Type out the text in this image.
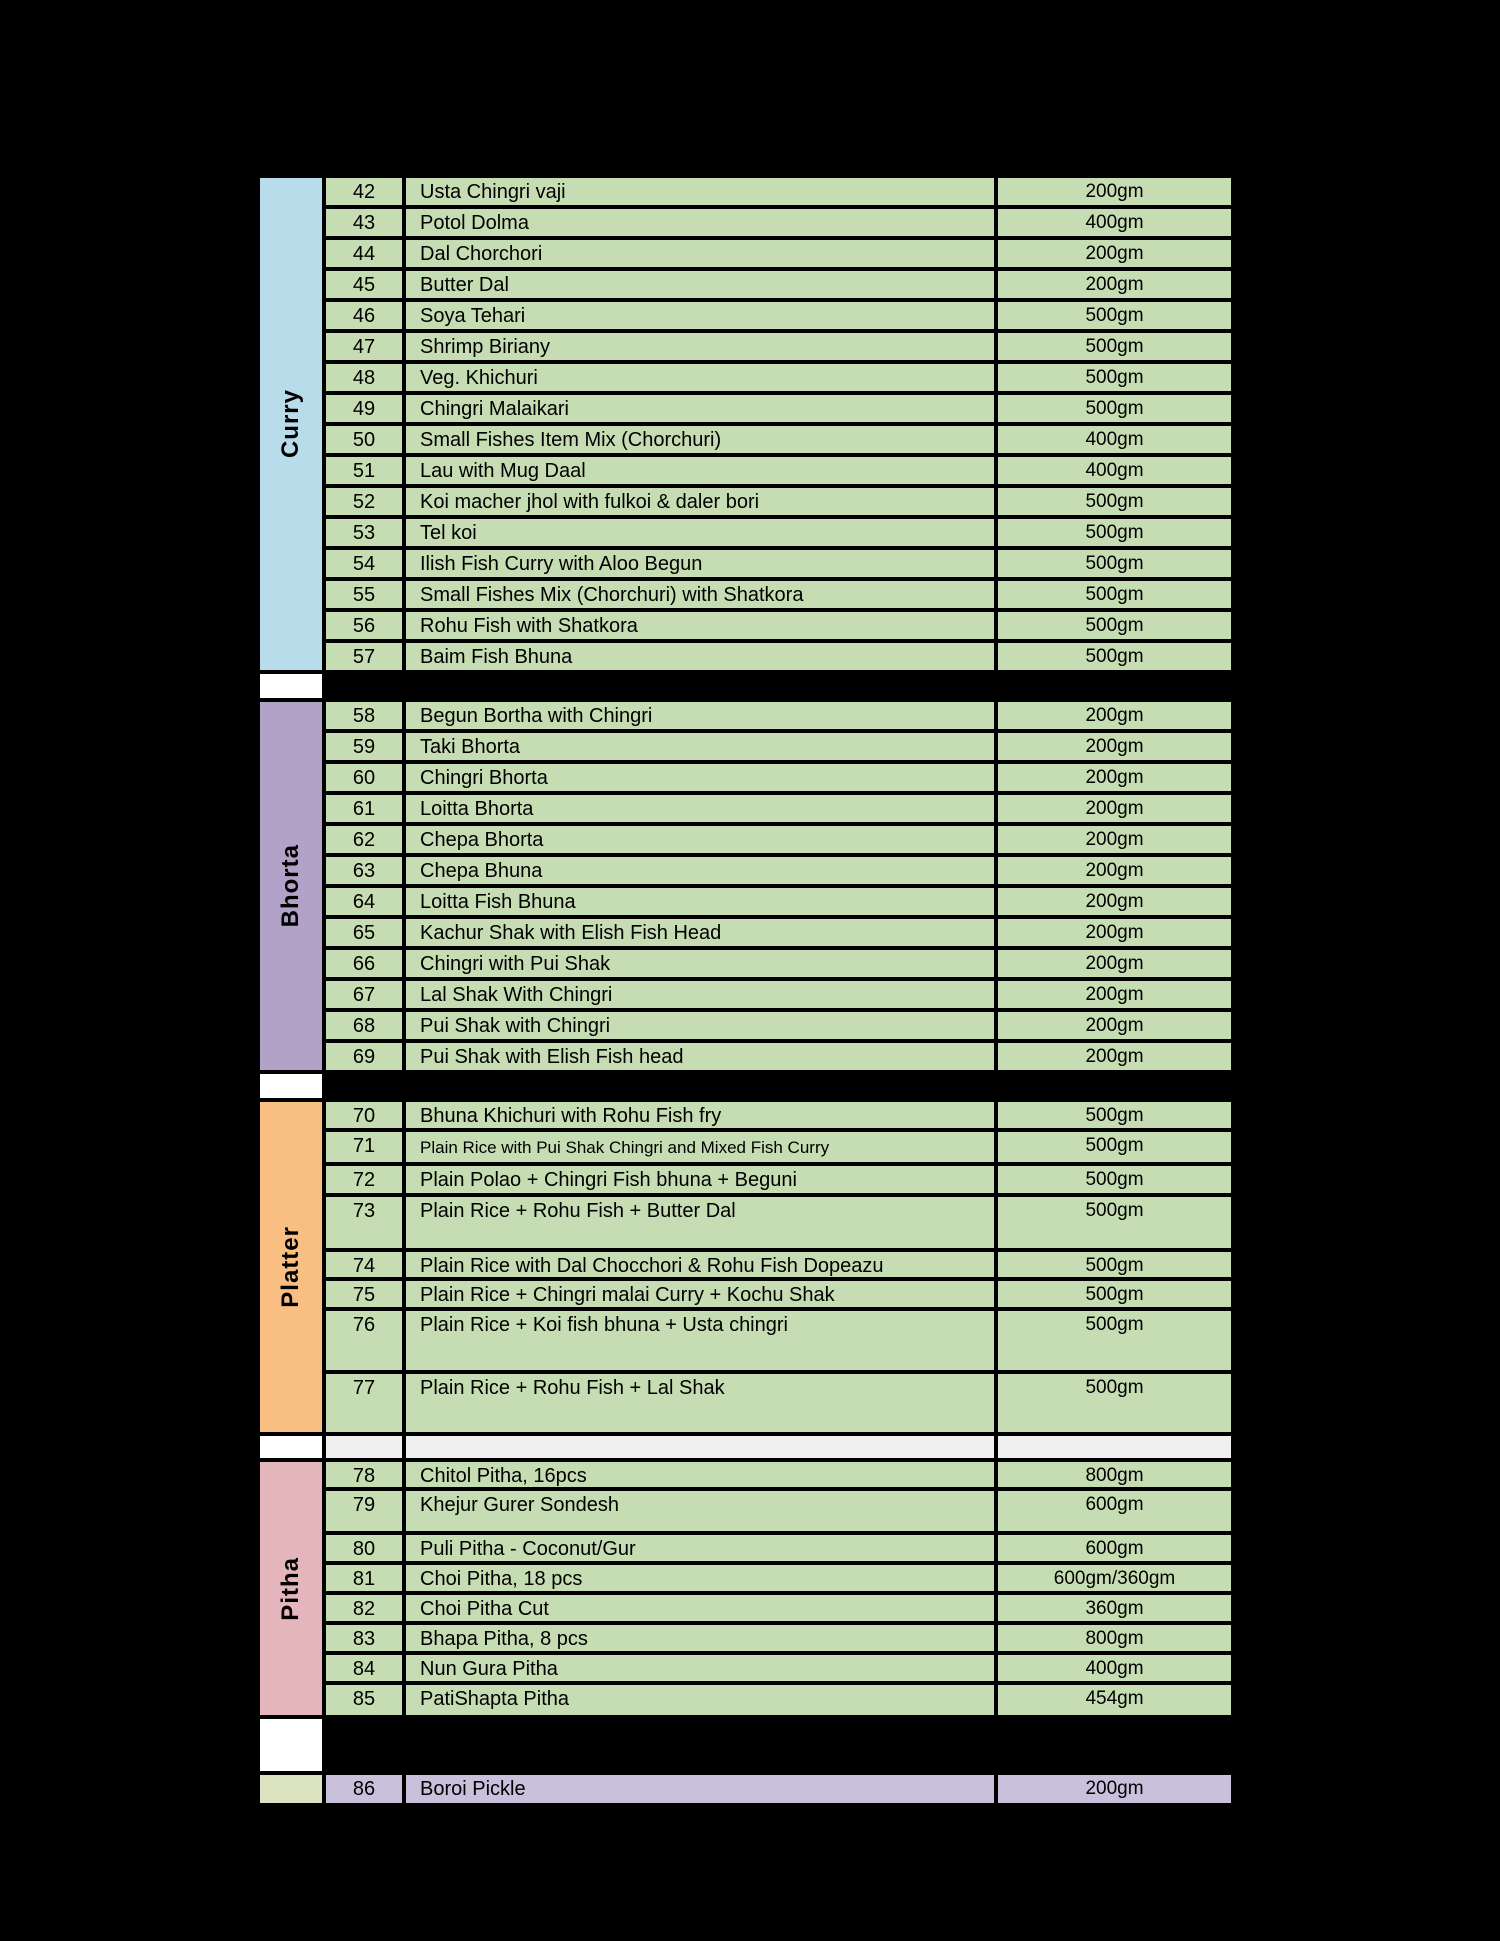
Curry
42	Usta Chingri vaji	200gm
43	Potol Dolma	400gm
44	Dal Chorchori	200gm
45	Butter Dal	200gm
46	Soya Tehari	500gm
47	Shrimp Biriany	500gm
48	Veg. Khichuri	500gm
49	Chingri Malaikari	500gm
50	Small Fishes Item Mix (Chorchuri)	400gm
51	Lau with Mug Daal	400gm
52	Koi macher jhol with fulkoi & daler bori	500gm
53	Tel koi	500gm
54	Ilish Fish Curry with Aloo Begun	500gm
55	Small Fishes Mix (Chorchuri) with Shatkora	500gm
56	Rohu Fish with Shatkora	500gm
57	Baim Fish Bhuna	500gm
Bhorta
58	Begun Bortha with Chingri	200gm
59	Taki Bhorta	200gm
60	Chingri Bhorta	200gm
61	Loitta Bhorta	200gm
62	Chepa Bhorta	200gm
63	Chepa Bhuna	200gm
64	Loitta Fish Bhuna	200gm
65	Kachur Shak with Elish Fish Head	200gm
66	Chingri with Pui Shak	200gm
67	Lal Shak With Chingri	200gm
68	Pui Shak with Chingri	200gm
69	Pui Shak with Elish Fish head	200gm
Platter
70	Bhuna Khichuri with Rohu Fish fry	500gm
71	Plain Rice with Pui Shak Chingri and Mixed Fish Curry	500gm
72	Plain Polao + Chingri Fish bhuna + Beguni	500gm
73	Plain Rice + Rohu Fish + Butter Dal	500gm
74	Plain Rice with Dal Chocchori & Rohu Fish Dopeazu	500gm
75	Plain Rice + Chingri malai Curry + Kochu Shak	500gm
76	Plain Rice + Koi fish bhuna + Usta chingri	500gm
77	Plain Rice + Rohu Fish + Lal Shak	500gm
Pitha
78	Chitol Pitha, 16pcs	800gm
79	Khejur Gurer Sondesh	600gm
80	Puli Pitha - Coconut/Gur	600gm
81	Choi Pitha, 18 pcs	600gm/360gm
82	Choi Pitha Cut	360gm
83	Bhapa Pitha, 8 pcs	800gm
84	Nun Gura Pitha	400gm
85	PatiShapta Pitha	454gm
86	Boroi Pickle	200gm
